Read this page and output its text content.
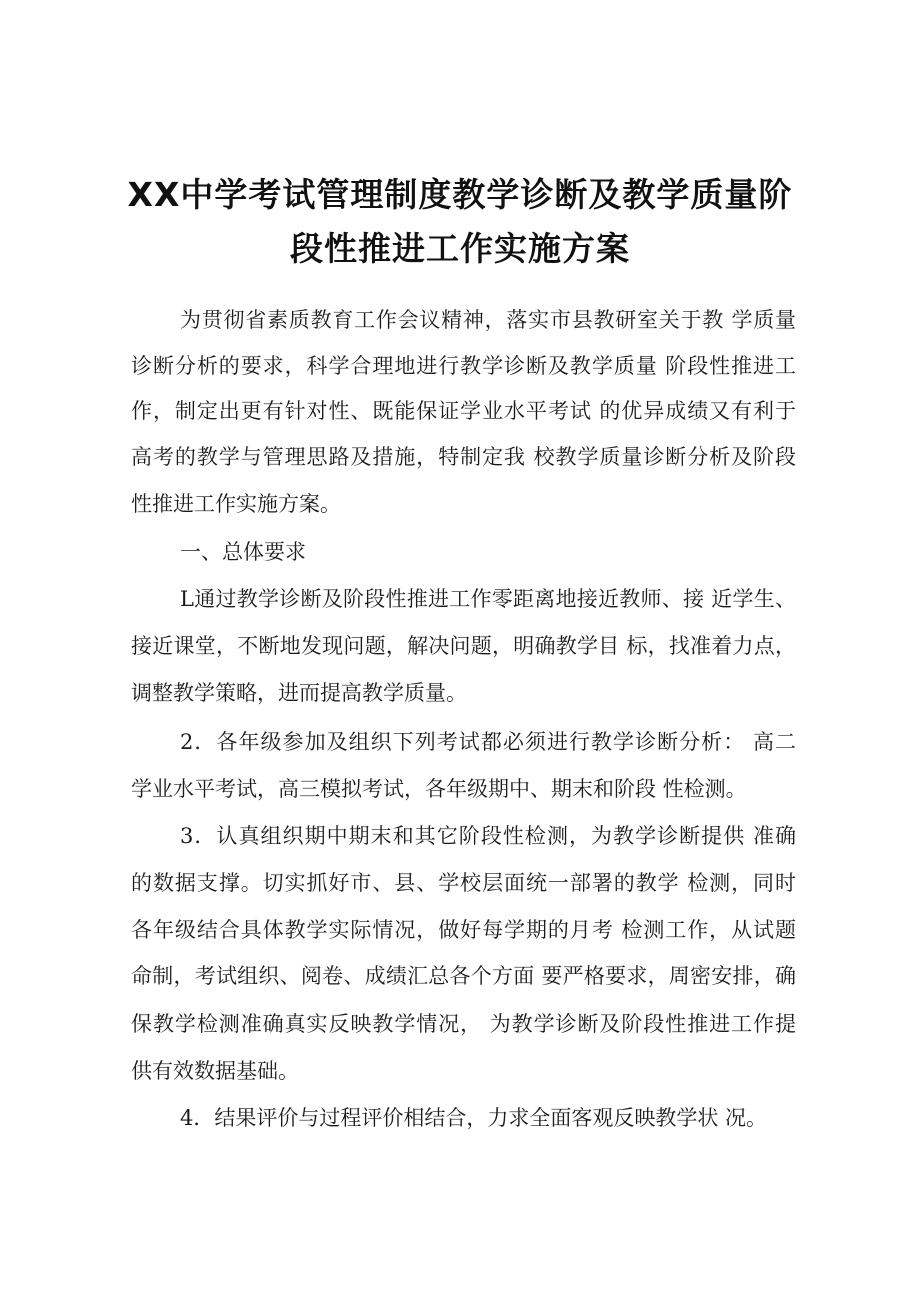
XX中学考试管理制度教学诊断及教学质量阶
段性推进工作实施方案
为贯彻省素质教育工作会议精神，落实市县教研室关于教 学质量
诊断分析的要求，科学合理地进行教学诊断及教学质量 阶段性推进工
作，制定出更有针对性、既能保证学业水平考试 的优异成绩又有利于
高考的教学与管理思路及措施，特制定我 校教学质量诊断分析及阶段
性推进工作实施方案。
一、总体要求
L通过教学诊断及阶段性推进工作零距离地接近教师、接 近学生、
接近课堂，不断地发现问题，解决问题，明确教学目 标，找准着力点，
调整教学策略，进而提高教学质量。
2．各年级参加及组织下列考试都必须进行教学诊断分析： 高二
学业水平考试，高三模拟考试，各年级期中、期末和阶段 性检测。
3．认真组织期中期末和其它阶段性检测，为教学诊断提供 准确
的数据支撑。切实抓好市、县、学校层面统一部署的教学 检测，同时
各年级结合具体教学实际情况，做好每学期的月考 检测工作，从试题
命制，考试组织、阅卷、成绩汇总各个方面 要严格要求，周密安排，确
保教学检测准确真实反映教学情况， 为教学诊断及阶段性推进工作提
供有效数据基础。
4．结果评价与过程评价相结合，力求全面客观反映教学状 况。
